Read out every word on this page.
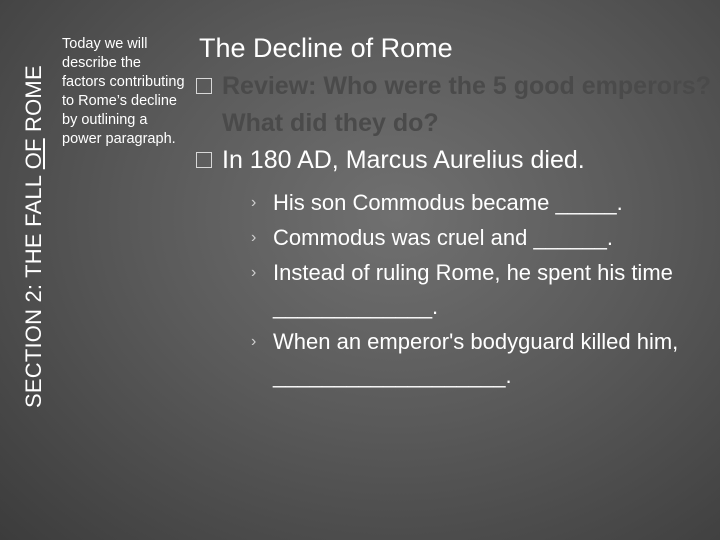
SECTION 2: THE FALL OF ROME
Today we will describe the factors contributing to Rome’s decline by outlining a power paragraph.
The Decline of Rome
Review: Who were the 5 good emperors? What did they do?
In 180 AD, Marcus Aurelius died.
› His son Commodus became _____.
› Commodus was cruel and ______.
› Instead of ruling Rome, he spent his time _____________.
› When an emperor's bodyguard killed him, ___________________.
